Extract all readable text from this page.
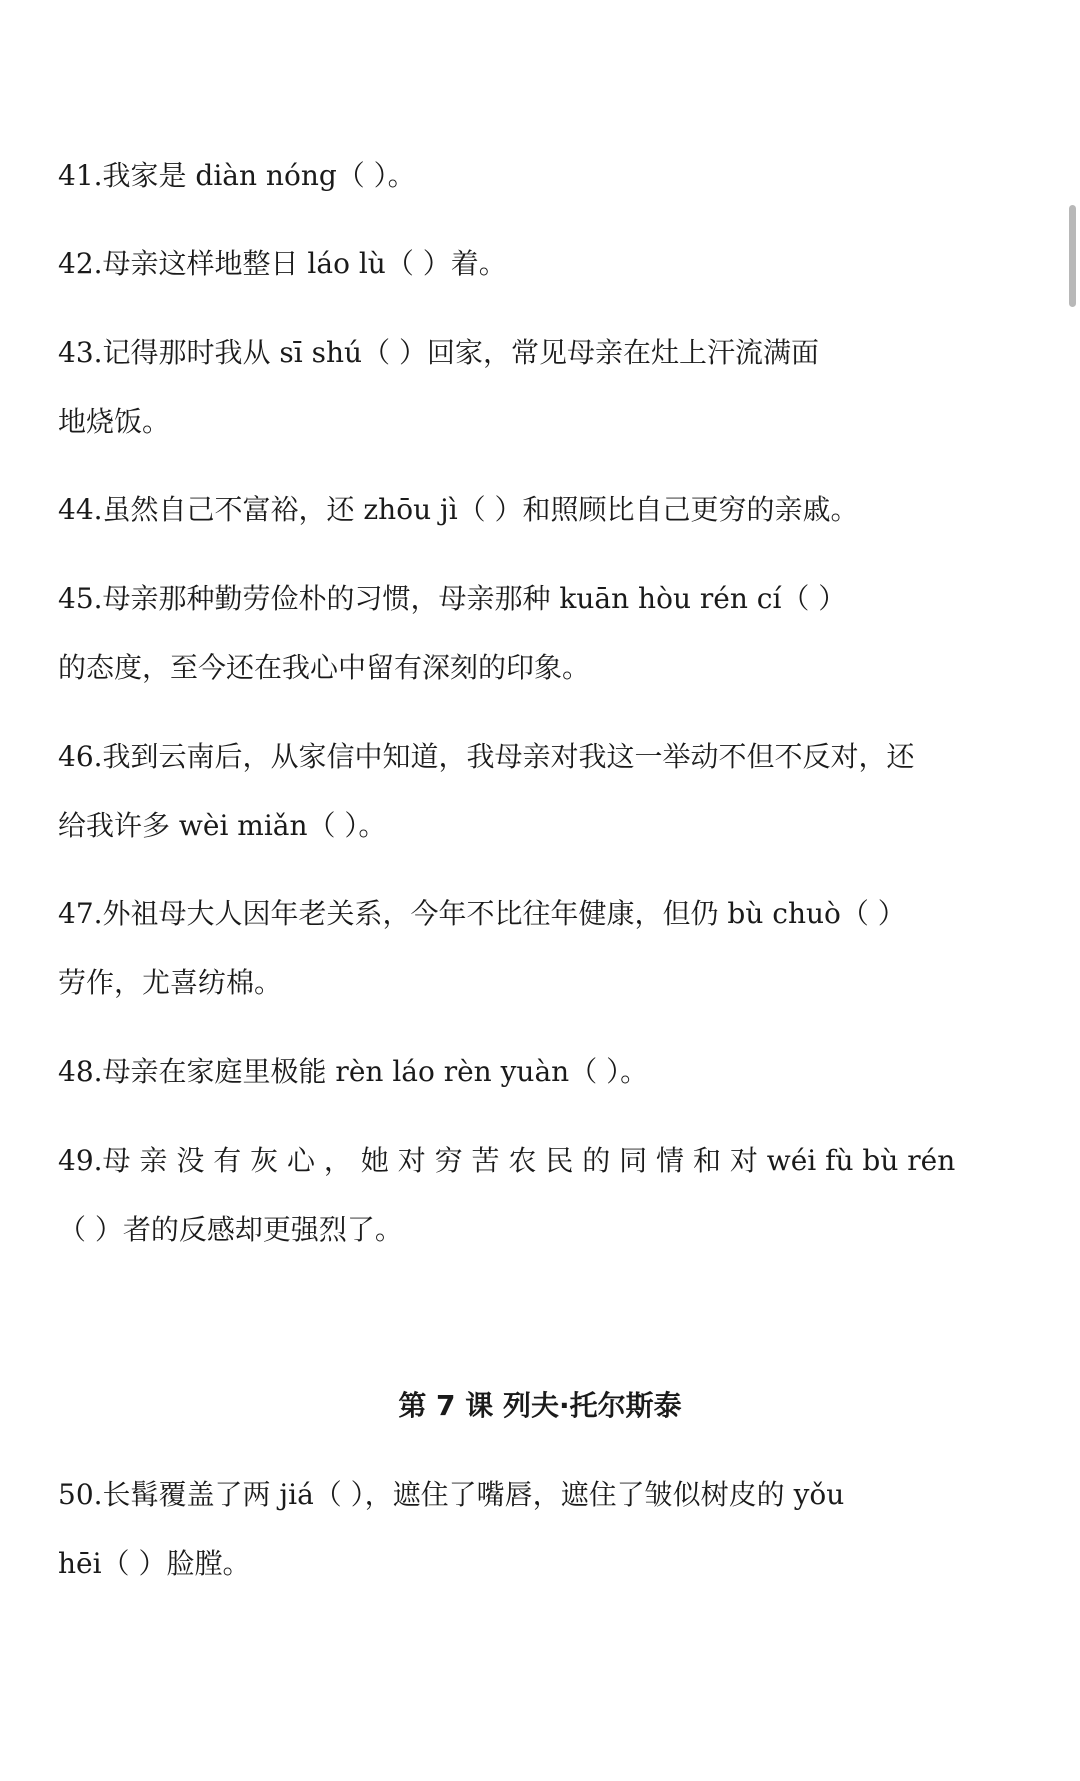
41.我家是 diàn nóng（ ）。
42.母亲这样地整日 láo lù（ ）着。
43.记得那时我从 sī shú（ ）回家，常见母亲在灶上汗流满面
地烧饭。
44.虽然自己不富裕，还 zhōu jì（ ）和照顾比自己更穷的亲戚。
45.母亲那种勤劳俭朴的习惯，母亲那种 kuān hòu rén cí（ ）
的态度，至今还在我心中留有深刻的印象。
46.我到云南后，从家信中知道，我母亲对我这一举动不但不反对，还
给我许多 wèi miǎn（ ）。
47.外祖母大人因年老关系，今年不比往年健康，但仍 bù chuò（ ）
劳作，尤喜纺棉。
48.母亲在家庭里极能 rèn láo rèn yuàn（ ）。
49.母 亲 没 有 灰 心 ， 她 对 穷 苦 农 民 的 同 情 和 对 wéi fù bù rén
（ ）者的反感却更强烈了。
第 7 课 列夫·托尔斯泰
50.长髯覆盖了两 jiá（ ），遮住了嘴唇，遮住了皱似树皮的 yǒu
hēi（ ）脸膛。
